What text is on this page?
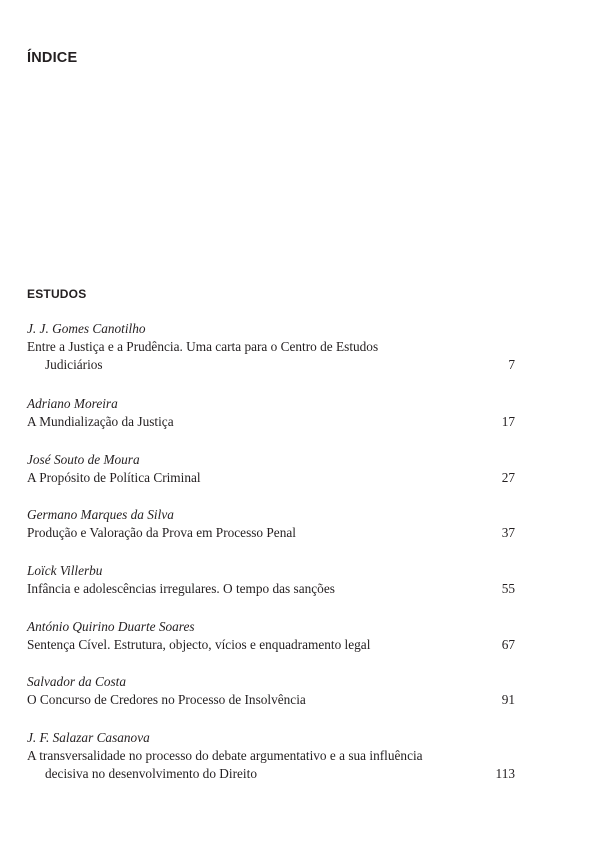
ÍNDICE
ESTUDOS
J. J. Gomes Canotilho
Entre a Justiça e a Prudência. Uma carta para o Centro de Estudos
Judiciários	7
Adriano Moreira
A Mundialização da Justiça	17
José Souto de Moura
A Propósito de Política Criminal	27
Germano Marques da Silva
Produção e Valoração da Prova em Processo Penal	37
Loïck Villerbu
Infância e adolescências irregulares. O tempo das sanções	55
António Quirino Duarte Soares
Sentença Cível. Estrutura, objecto, vícios e enquadramento legal	67
Salvador da Costa
O Concurso de Credores no Processo de Insolvência	91
J. F. Salazar Casanova
A transversalidade no processo do debate argumentativo e a sua influência
decisiva no desenvolvimento do Direito	113
